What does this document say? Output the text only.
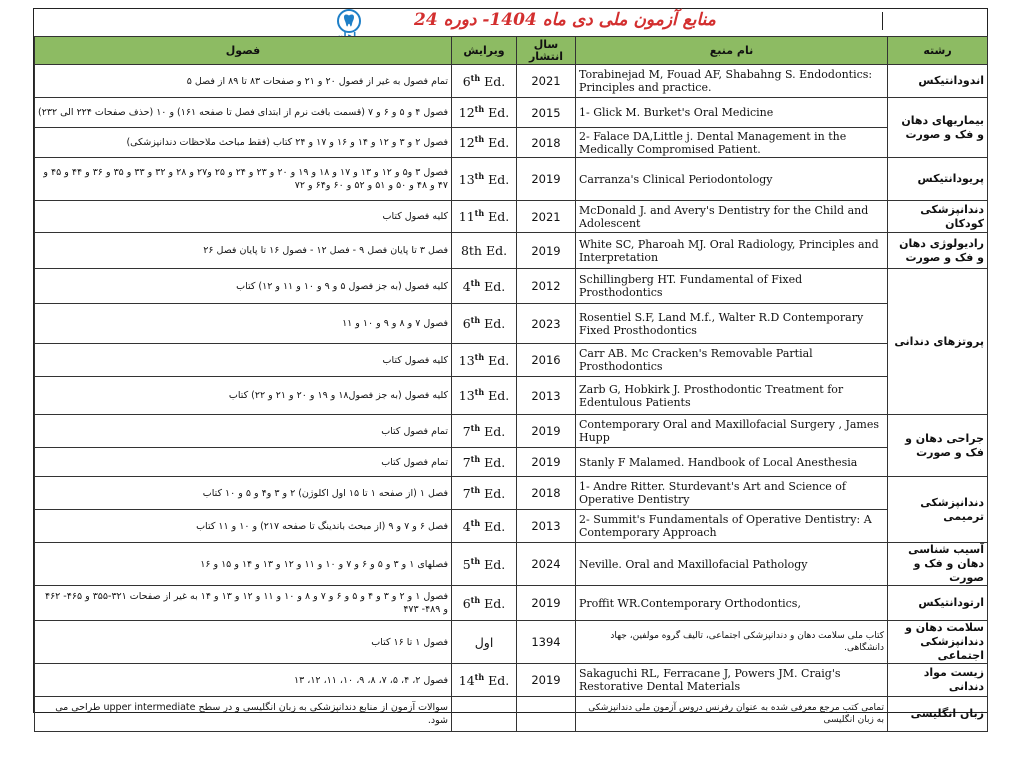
منابع آزمون ملی دی ماه 1404- دوره 24
فصول	ویرایش	سال انتشار	نام منبع	رشته
تمام فصول به غیر از فصول ۲۰ و ۲۱ و صفحات ۸۳ تا ۸۹ از فصل ۵	6th Ed.	2021	Torabinejad M, Fouad AF, Shabahng S. Endodontics: Principles and practice.	اندودانتیکس
فصول ۴ و ۵ و ۶ و ۷ (قسمت بافت نرم از ابتدای فصل تا صفحه ۱۶۱) و ۱۰ (حذف صفحات ۲۲۴ الی ۲۳۲)	12th Ed.	2015	1- Glick M. Burket's Oral Medicine	بیماریهای دهان و فک و صورت
فصول ۲ و ۳ و ۱۲ و ۱۴ و ۱۶ و ۱۷ و ۲۴ کتاب (فقط مباحث ملاحظات دندانپزشکی)	12th Ed.	2018	2- Falace DA,Little j. Dental Management in the Medically Compromised Patient.	
فصول ۳ و۵ و ۱۲ و ۱۳ و ۱۷ و ۱۸ و ۱۹ و ۲۰ و ۲۳ و ۲۴ و ۲۵ و۲۷ و ۲۸ و ۳۲ و ۳۳ و ۳۵ و ۳۶ و ۴۴ و ۴۵ و ۴۷ و ۴۸ و ۵۰ و ۵۱ و ۵۲ و ۶۰ و۶۴ و ۷۲	13th Ed.	2019	Carranza's Clinical Periodontology	پریودانتیکس
کلیه فصول کتاب	11th Ed.	2021	McDonald J. and Avery's Dentistry for the Child and Adolescent	دندانپزشکی کودکان
فصل ۳ تا پایان فصل ۹ - فصل ۱۲ - فصول ۱۶ تا پایان فصل ۲۶	8th Ed.	2019	White SC, Pharoah MJ. Oral Radiology, Principles and Interpretation	رادیولوژی دهان و فک و صورت
کلیه فصول (به جز فصول ۵ و ۹ و ۱۰ و ۱۱ و ۱۲) کتاب	4th Ed.	2012	Schillingberg HT. Fundamental of Fixed Prosthodontics	پروتزهای دندانی
فصول ۷ و ۸ و ۹ و ۱۰ و ۱۱	6th Ed.	2023	Rosentiel S.F, Land M.f., Walter R.D Contemporary Fixed Prosthodontics	
کلیه فصول کتاب	13th Ed.	2016	Carr AB. Mc Cracken's Removable Partial Prosthodontics	
کلیه فصول (به جز فصول۱۸ و ۱۹ و ۲۰ و ۲۱ و ۲۲) کتاب	13th Ed.	2013	Zarb G, Hobkirk J. Prosthodontic Treatment for Edentulous Patients	
تمام فصول کتاب	7th Ed.	2019	Contemporary Oral and Maxillofacial Surgery , James Hupp	جراحی دهان و فک و صورت
تمام فصول کتاب	7th Ed.	2019	Stanly F Malamed. Handbook of Local Anesthesia	
فصل ۱ (از صفحه ۱ تا ۱۵ اول اکلوژن) ۲ و ۳ و۴ و ۵ و ۱۰ کتاب	7th Ed.	2018	1- Andre Ritter. Sturdevant's Art and Science of Operative Dentistry	دندانپزشکی ترمیمی
فصل ۶ و ۷ و ۹ (از مبحث باندینگ تا صفحه ۲۱۷) و ۱۰ و ۱۱ کتاب	4th Ed.	2013	2- Summit's Fundamentals of Operative Dentistry: A Contemporary Approach	
فصلهای ۱ و ۳ و ۵ و ۶ و ۷ و ۱۰ و ۱۱ و ۱۲ و ۱۳ و ۱۴ و ۱۵ و ۱۶	5th Ed.	2024	Neville. Oral and Maxillofacial Pathology	آسیب شناسی دهان و فک و صورت
فصول ۱ و ۲ و ۳ و ۴ و ۵ و ۶ و ۷ و ۸ و ۱۰ و ۱۱ و ۱۲ و ۱۳ و ۱۴ به غیر از صفحات ۳۲۱-۳۵۵ و ۴۶۵- ۴۶۲ و ۴۸۹- ۴۷۳	6th Ed.	2019	Proffit WR.Contemporary Orthodontics,	ارتودانتیکس
فصول ۱ تا ۱۶ کتاب	اول	1394	کتاب ملی سلامت دهان و دندانپزشکی اجتماعی، تالیف گروه مولفین، جهاد دانشگاهی.	سلامت دهان و دندانپزشکی اجتماعی
فصول ۲، ۴، ۵، ۷، ۸، ۹، ۱۰، ۱۱، ۱۲، ۱۳	14th Ed.	2019	Sakaguchi RL, Ferracane J, Powers JM. Craig's Restorative Dental Materials	زیست مواد دندانی
سوالات آزمون از منابع دندانپزشکی به زبان انگلیسی و در سطح upper intermediate طراحی می شود.			تمامی کتب مرجع معرفی شده به عنوان رفرنس دروس آزمون ملی دندانپزشکی به زبان انگلیسی	زبان انگلیسی
